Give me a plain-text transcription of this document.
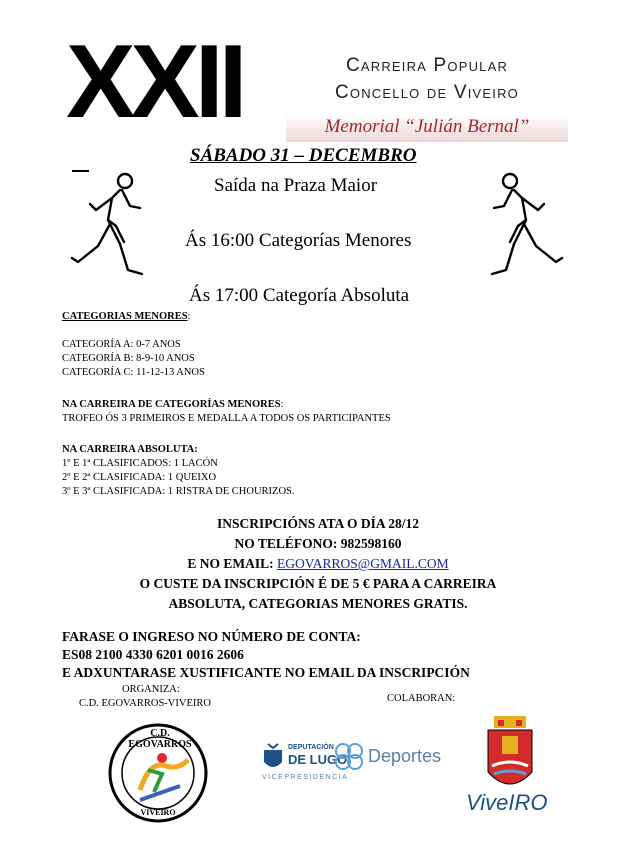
XXII	Carreira Popular
Concello de Viveiro
Memorial “Julián Bernal”
SÁBADO 31 – DECEMBRO
Saída na Praza Maior
Ás 16:00 Categorías Menores
Ás 17:00 Categoría Absoluta
CATEGORIAS MENORES:
CATEGORÍA A: 0-7 ANOS
CATEGORÍA B: 8-9-10 ANOS
CATEGORÍA C: 11-12-13 ANOS
NA CARREIRA DE CATEGORÍAS MENORES:
TROFEO ÓS 3 PRIMEIROS E MEDALLA A TODOS OS PARTICIPANTES
NA CARREIRA ABSOLUTA:
1º E 1ª CLASIFICADOS: 1 LACÓN
2º E 2ª CLASIFICADA: 1 QUEIXO
3º E 3ª CLASIFICADA: 1 RISTRA DE CHOURIZOS.
INSCRIPCIÓNS ATA O DÍA 28/12
NO TELÉFONO: 982598160
E NO EMAIL: EGOVARROS@GMAIL.COM
O CUSTE DA INSCRIPCIÓN É DE 5 € PARA A CARREIRA
ABSOLUTA, CATEGORIAS MENORES GRATIS.
FARASE O INGRESO NO NÚMERO DE CONTA:
ES08 2100 4330 6201 0016 2606
E ADXUNTARASE XUSTIFICANTE NO EMAIL DA INSCRIPCIÓN
ORGANIZA:
C.D. EGOVARROS-VIVEIRO	COLABORAN:
C.D. EGOVARROS
VIVEIRO
DEPUTACIÓN
DE LUGO Deportes
VICEPRESIDENCIA
ViveIRO
